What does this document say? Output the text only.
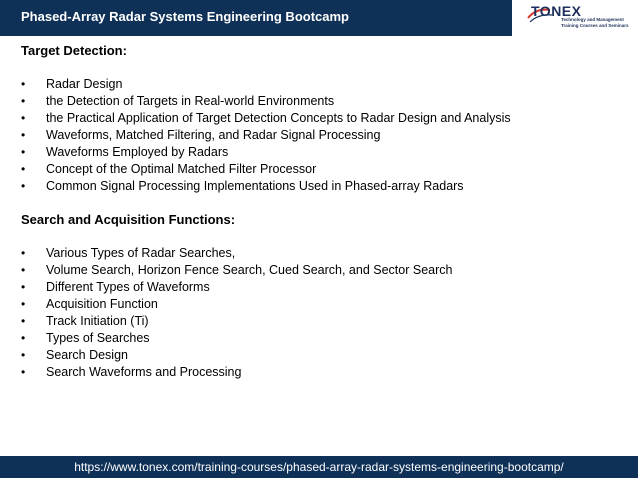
Phased-Array Radar Systems Engineering Bootcamp	TONEX
Technology and Management
Training Courses and Seminars
Target Detection:
• Radar Design
• the Detection of Targets in Real-world Environments
• the Practical Application of Target Detection Concepts to Radar Design and Analysis
• Waveforms, Matched Filtering, and Radar Signal Processing
• Waveforms Employed by Radars
• Concept of the Optimal Matched Filter Processor
• Common Signal Processing Implementations Used in Phased-array Radars
Search and Acquisition Functions:
• Various Types of Radar Searches,
• Volume Search, Horizon Fence Search, Cued Search, and Sector Search
• Different Types of Waveforms
• Acquisition Function
• Track Initiation (Ti)
• Types of Searches
• Search Design
• Search Waveforms and Processing
https://www.tonex.com/training-courses/phased-array-radar-systems-engineering-bootcamp/
